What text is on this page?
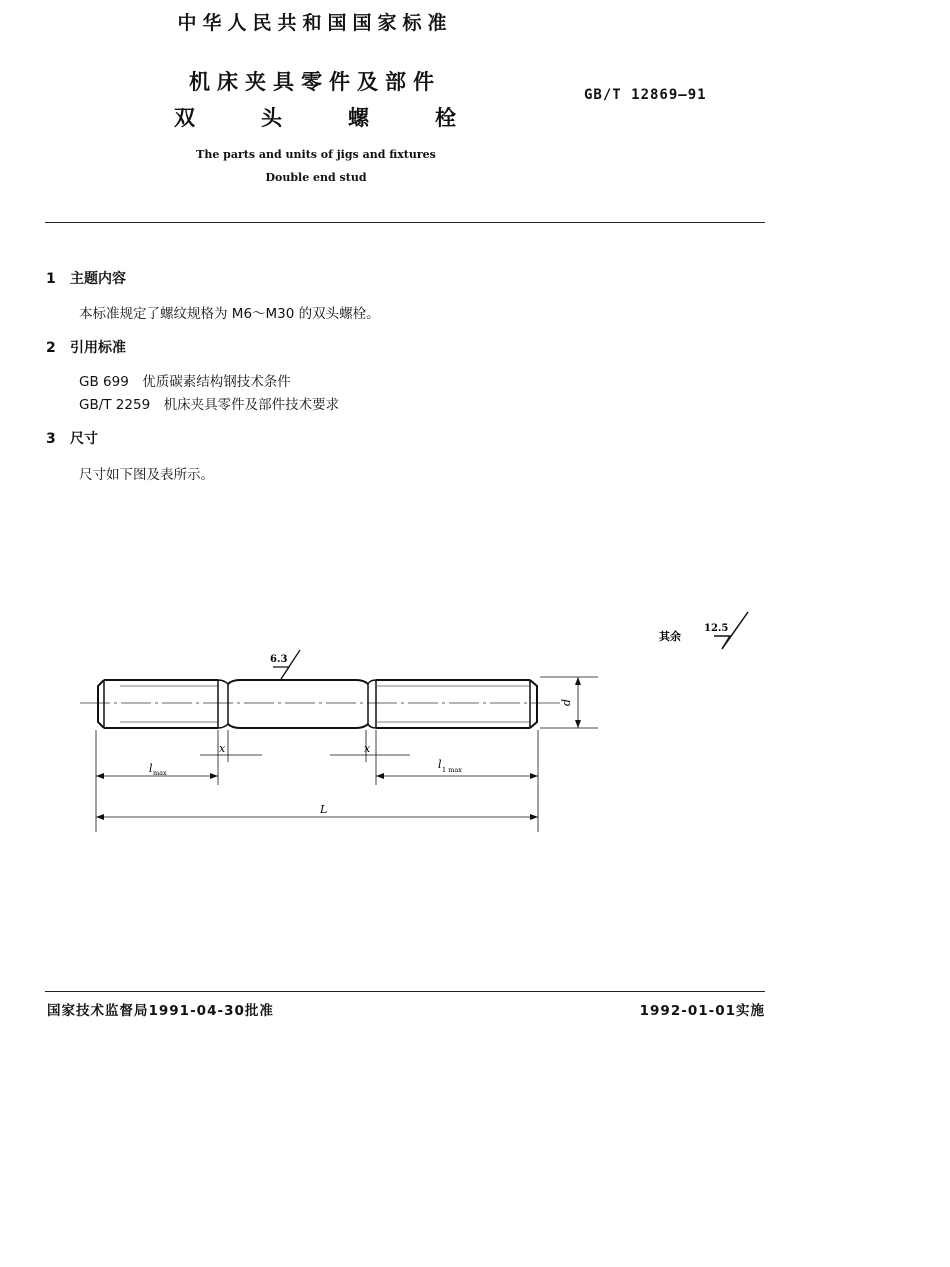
中华人民共和国国家标准
机床夹具零件及部件
双	头	螺	栓
GB/T 12869—91
The parts and units of jigs and fixtures
Double end stud
1 主题内容
本标准规定了螺纹规格为 M6～M30 的双头螺栓。
2 引用标准
GB 699　优质碳素结构钢技术条件
GB/T 2259　机床夹具零件及部件技术要求
3 尺寸
尺寸如下图及表所示。
其余
12.5
6.3
d
x	x
l max
l 1 max
L
国家技术监督局1991-04-30批准	1992-01-01实施
